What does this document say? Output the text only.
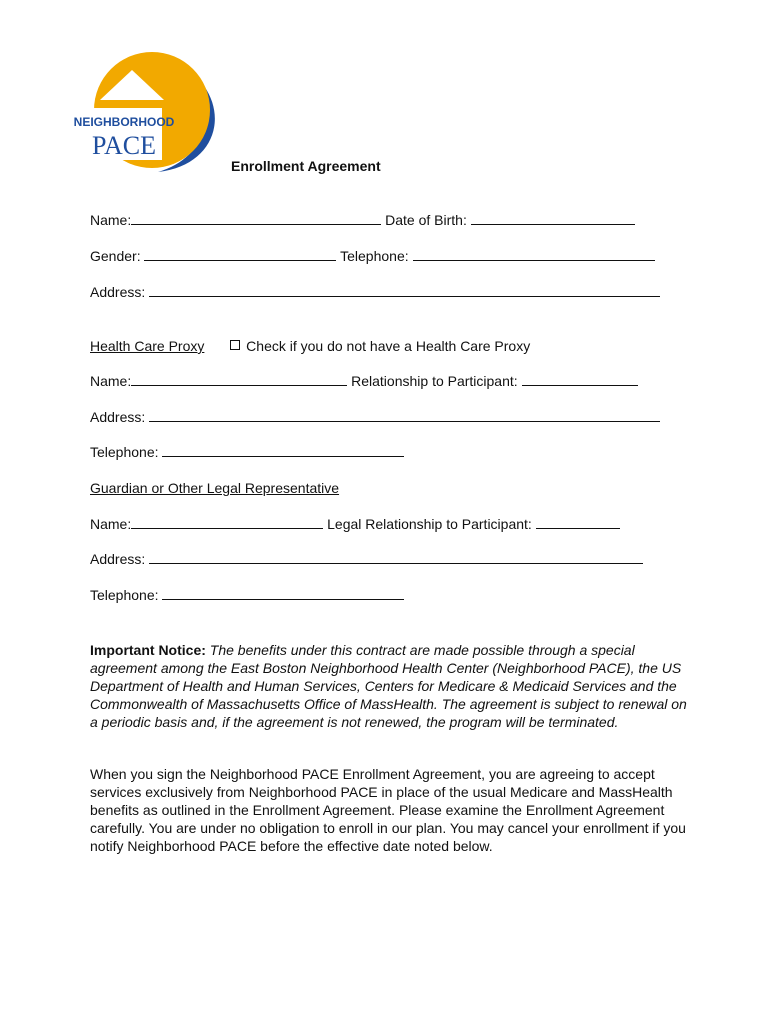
NEIGHBORHOOD
PACE
Enrollment Agreement
Name:	Date of Birth:
Gender:	Telephone:
Address:
Health Care Proxy	Check if you do not have a Health Care Proxy
Name:	Relationship to Participant:
Address:
Telephone:
Guardian or Other Legal Representative
Name:	Legal Relationship to Participant:
Address:
Telephone:
Important Notice: The benefits under this contract are made possible through a special agreement among the East Boston Neighborhood Health Center (Neighborhood PACE), the US Department of Health and Human Services, Centers for Medicare & Medicaid Services and the Commonwealth of Massachusetts Office of MassHealth. The agreement is subject to renewal on a periodic basis and, if the agreement is not renewed, the program will be terminated.
When you sign the Neighborhood PACE Enrollment Agreement, you are agreeing to accept services exclusively from Neighborhood PACE in place of the usual Medicare and MassHealth benefits as outlined in the Enrollment Agreement. Please examine the Enrollment Agreement carefully. You are under no obligation to enroll in our plan. You may cancel your enrollment if you notify Neighborhood PACE before the effective date noted below.
